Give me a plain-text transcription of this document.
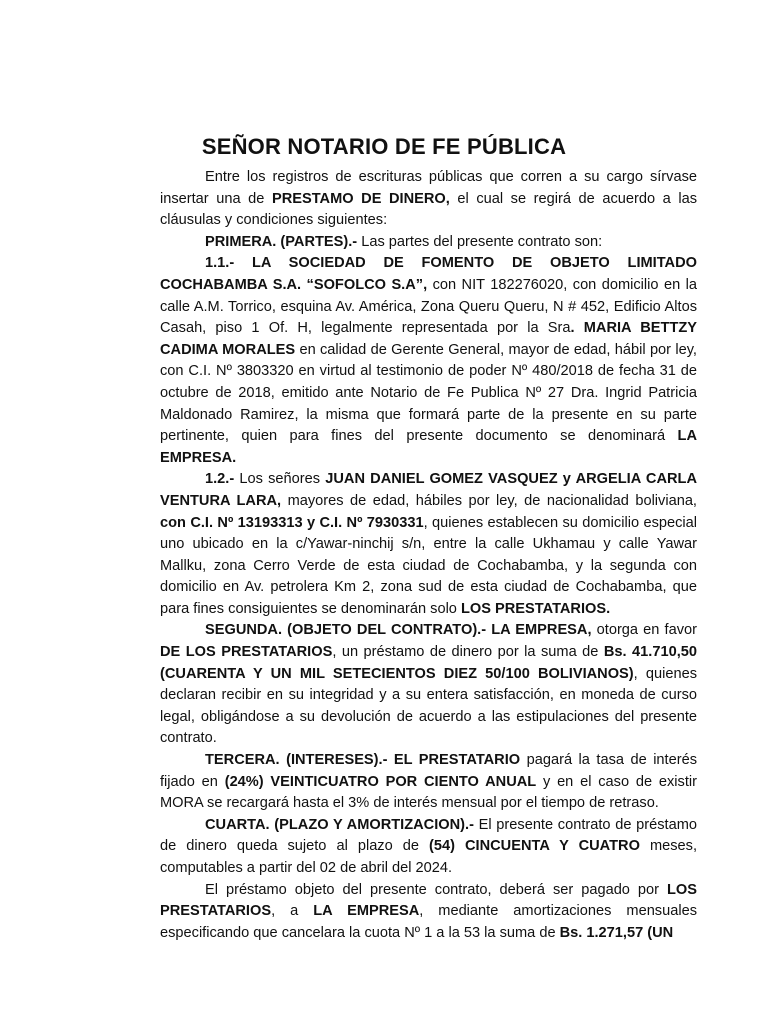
SEÑOR NOTARIO DE FE PÚBLICA

Entre los registros de escrituras públicas que corren a su cargo sírvase insertar una de PRESTAMO DE DINERO, el cual se regirá de acuerdo a las cláusulas y condiciones siguientes:

PRIMERA. (PARTES).- Las partes del presente contrato son:

1.1.- LA SOCIEDAD DE FOMENTO DE OBJETO LIMITADO COCHABAMBA S.A. “SOFOLCO S.A”, con NIT 182276020, con domicilio en la calle A.M. Torrico, esquina Av. América, Zona Queru Queru, N # 452, Edificio Altos Casah, piso 1 Of. H, legalmente representada por la Sra. MARIA BETTZY CADIMA MORALES en calidad de Gerente General, mayor de edad, hábil por ley, con C.I. Nº 3803320 en virtud al testimonio de poder Nº 480/2018 de fecha 31 de octubre de 2018, emitido ante Notario de Fe Publica Nº 27 Dra. Ingrid Patricia Maldonado Ramirez, la misma que formará parte de la presente en su parte pertinente, quien para fines del presente documento se denominará LA EMPRESA.

1.2.- Los señores JUAN DANIEL GOMEZ VASQUEZ y ARGELIA CARLA VENTURA LARA, mayores de edad, hábiles por ley, de nacionalidad boliviana, con C.I. Nº 13193313 y C.I. Nº 7930331, quienes establecen su domicilio especial uno ubicado en la c/Yawar-ninchij s/n, entre la calle Ukhamau y calle Yawar Mallku, zona Cerro Verde de esta ciudad de Cochabamba, y la segunda con domicilio en Av. petrolera Km 2, zona sud de esta ciudad de Cochabamba, que para fines consiguientes se denominarán solo LOS PRESTATARIOS.

SEGUNDA. (OBJETO DEL CONTRATO).- LA EMPRESA, otorga en favor DE LOS PRESTATARIOS, un préstamo de dinero por la suma de Bs. 41.710,50 (CUARENTA Y UN MIL SETECIENTOS DIEZ 50/100 BOLIVIANOS), quienes declaran recibir en su integridad y a su entera satisfacción, en moneda de curso legal, obligándose a su devolución de acuerdo a las estipulaciones del presente contrato.

TERCERA. (INTERESES).- EL PRESTATARIO pagará la tasa de interés fijado en (24%) VEINTICUATRO POR CIENTO ANUAL y en el caso de existir MORA se recargará hasta el 3% de interés mensual por el tiempo de retraso.

CUARTA. (PLAZO Y AMORTIZACION).- El presente contrato de préstamo de dinero queda sujeto al plazo de (54) CINCUENTA Y CUATRO meses, computables a partir del 02 de abril del 2024.

El préstamo objeto del presente contrato, deberá ser pagado por LOS PRESTATARIOS, a LA EMPRESA, mediante amortizaciones mensuales especificando que cancelara la cuota Nº 1 a la 53 la suma de Bs. 1.271,57 (UN
